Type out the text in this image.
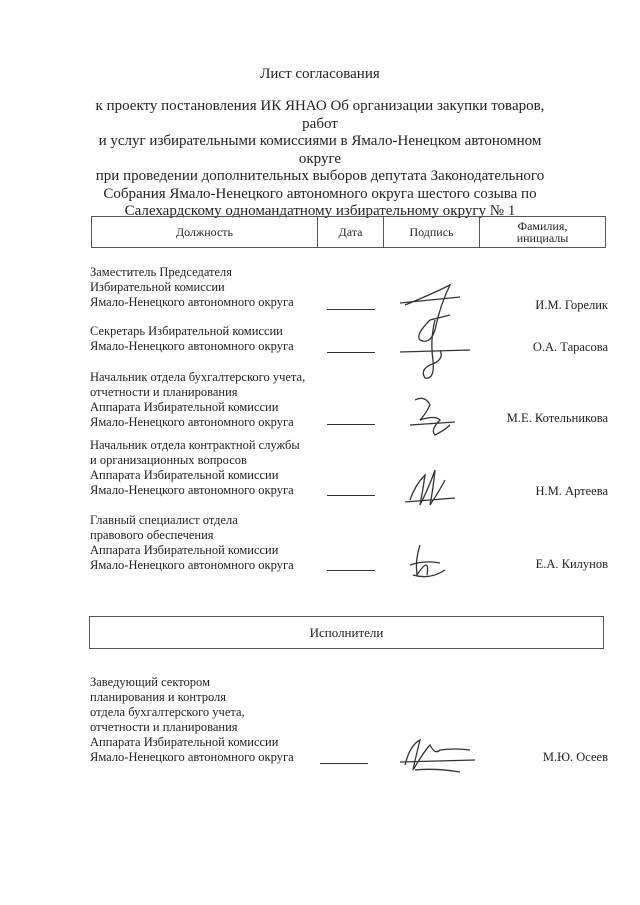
Лист согласования
к проекту постановления ИК ЯНАО Об организации закупки товаров, работ
и услуг избирательными комиссиями в Ямало-Ненецком автономном округе
при проведении дополнительных выборов депутата Законодательного
Собрания Ямало-Ненецкого автономного округа шестого созыва по
Салехардскому одномандатному избирательному округу № 1
Должность	Дата	Подпись	Фамилия,
инициалы
Заместитель Председателя
Избирательной комиссии
Ямало-Ненецкого автономного округа	И.М. Горелик
Секретарь Избирательной комиссии
Ямало-Ненецкого автономного округа	О.А. Тарасова
Начальник отдела бухгалтерского учета,
отчетности и планирования
Аппарата Избирательной комиссии
Ямало-Ненецкого автономного округа	М.Е. Котельникова
Начальник отдела контрактной службы
и организационных вопросов
Аппарата Избирательной комиссии
Ямало-Ненецкого автономного округа	Н.М. Артеева
Главный специалист отдела
правового обеспечения
Аппарата Избирательной комиссии
Ямало-Ненецкого автономного округа	Е.А. Килунов
Исполнители
Заведующий сектором
планирования и контроля
отдела бухгалтерского учета,
отчетности и планирования
Аппарата Избирательной комиссии
Ямало-Ненецкого автономного округа	М.Ю. Осеев
